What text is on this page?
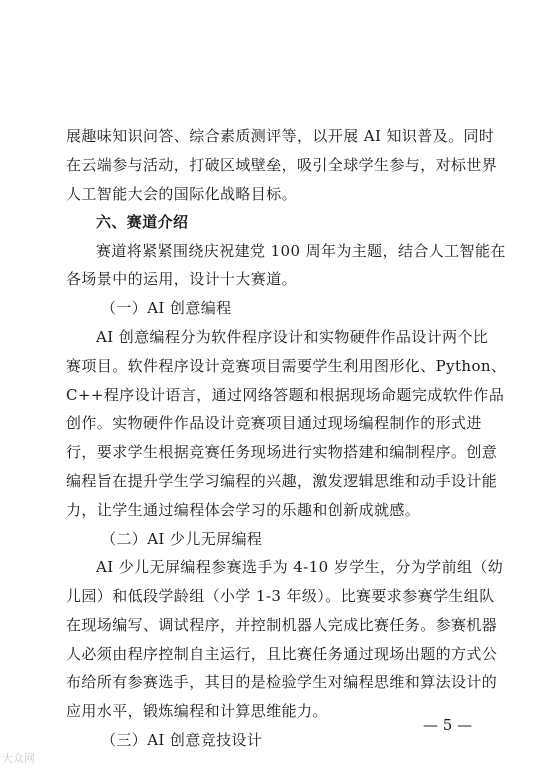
展趣味知识问答、综合素质测评等，以开展 AI 知识普及。同时
在云端参与活动，打破区域壁垒，吸引全球学生参与，对标世界
人工智能大会的国际化战略目标。
六、赛道介绍
赛道将紧紧围绕庆祝建党 100 周年为主题，结合人工智能在
各场景中的运用，设计十大赛道。
（一）AI 创意编程
AI 创意编程分为软件程序设计和实物硬件作品设计两个比
赛项目。软件程序设计竞赛项目需要学生利用图形化、Python、
C++程序设计语言，通过网络答题和根据现场命题完成软件作品
创作。实物硬件作品设计竞赛项目通过现场编程制作的形式进
行，要求学生根据竞赛任务现场进行实物搭建和编制程序。创意
编程旨在提升学生学习编程的兴趣，激发逻辑思维和动手设计能
力，让学生通过编程体会学习的乐趣和创新成就感。
（二）AI 少儿无屏编程
AI 少儿无屏编程参赛选手为 4-10 岁学生，分为学前组（幼
儿园）和低段学龄组（小学 1-3 年级）。比赛要求参赛学生组队
在现场编写、调试程序，并控制机器人完成比赛任务。参赛机器
人必须由程序控制自主运行，且比赛任务通过现场出题的方式公
布给所有参赛选手，其目的是检验学生对编程思维和算法设计的
应用水平，锻炼编程和计算思维能力。
（三）AI 创意竞技设计
— 5 —
大众网
